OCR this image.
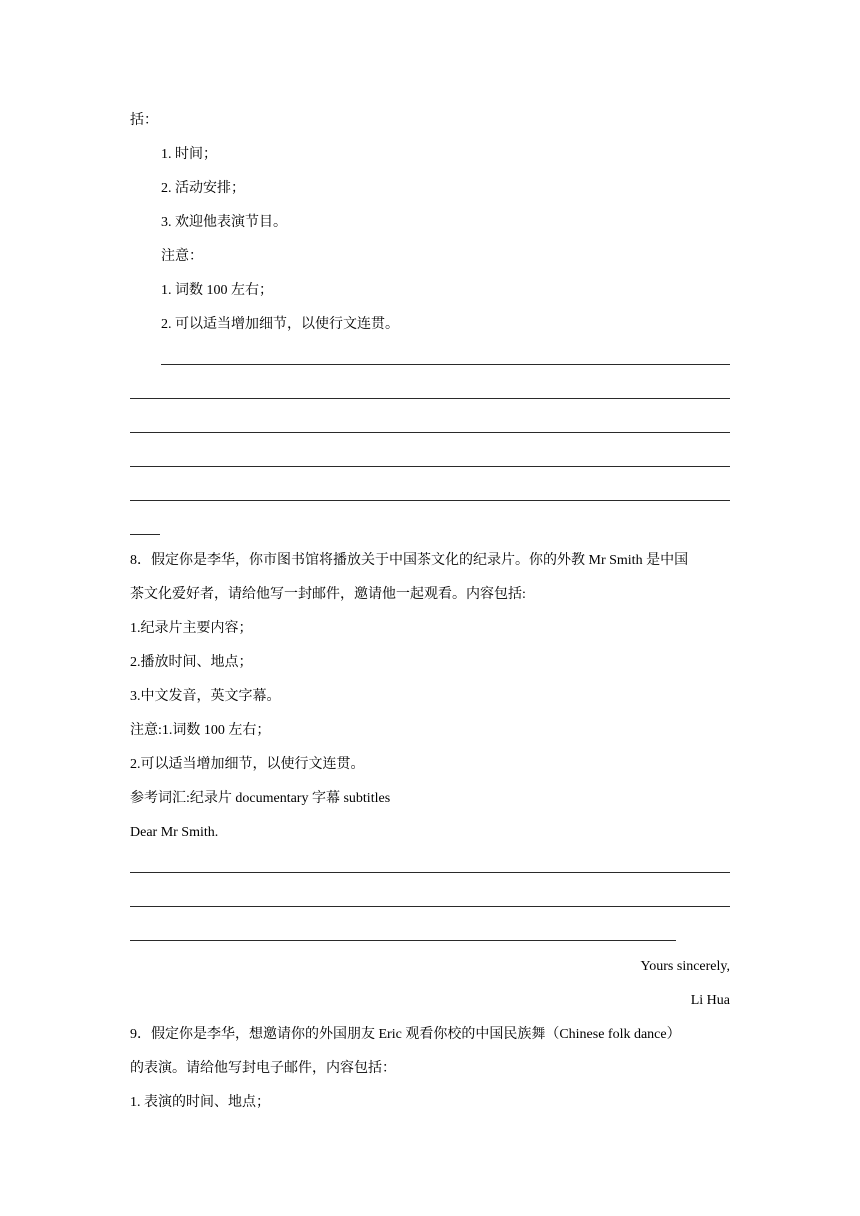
括：
1. 时间；
2. 活动安排；
3. 欢迎他表演节目。
注意：
1. 词数 100 左右；
2. 可以适当增加细节，以使行文连贯。
8．假定你是李华，你市图书馆将播放关于中国茶文化的纪录片。你的外教 Mr Smith 是中国
茶文化爱好者，请给他写一封邮件，邀请他一起观看。内容包括:
1.纪录片主要内容；
2.播放时间、地点；
3.中文发音，英文字幕。
注意:1.词数 100 左右；
2.可以适当增加细节，以使行文连贯。
参考词汇:纪录片 documentary 字幕 subtitles
Dear Mr Smith.
Yours sincerely,
Li Hua
9．假定你是李华，想邀请你的外国朋友 Eric 观看你校的中国民族舞（Chinese folk dance）
的表演。请给他写封电子邮件，内容包括：
1. 表演的时间、地点；
